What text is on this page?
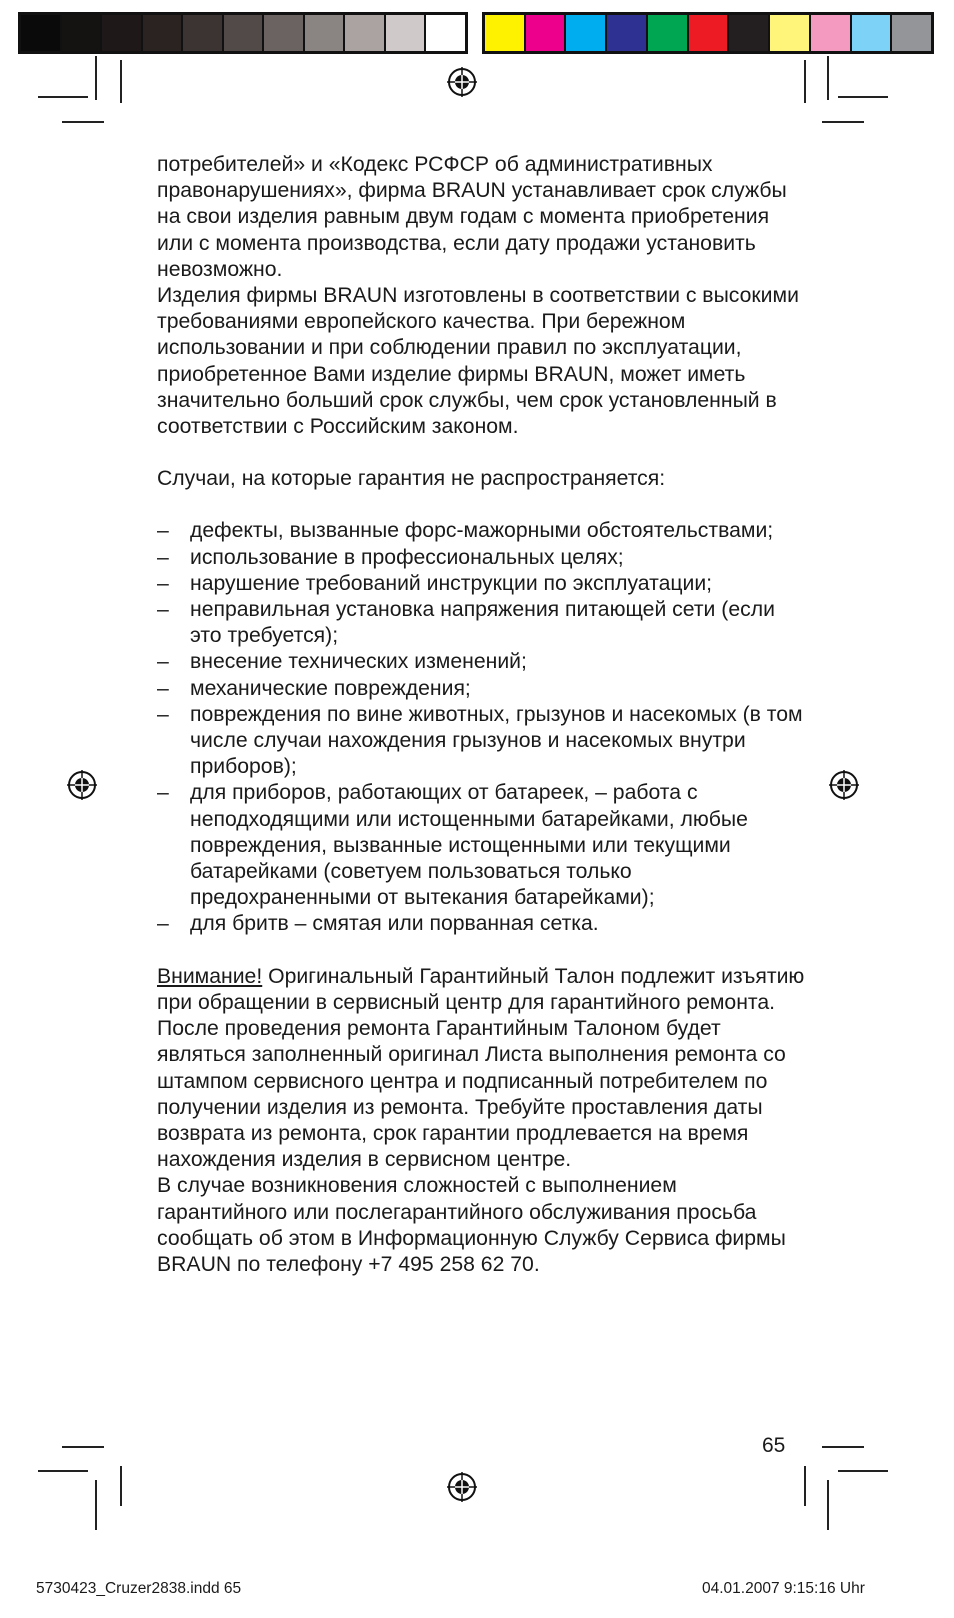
потребителей» и «Кодекс РСФСР об административных правонарушениях», фирма BRAUN устанавливает срок службы на свои изделия равным двум годам с момента приобретения или с момента производства, если дату продажи установить невозможно.

Изделия фирмы BRAUN изготовлены в соответствии с высокими требованиями европейского качества. При бережном использовании и при соблюдении правил по эксплуатации, приобретенное Вами изделие фирмы BRAUN, может иметь значительно больший срок службы, чем срок установленный в соответствии с Российским законом.

Случаи, на которые гарантия не распространяется:

– дефекты, вызванные форс-мажорными обстоятельствами;
– использование в профессиональных целях;
– нарушение требований инструкции по эксплуатации;
– неправильная установка напряжения питающей сети (если это требуется);
– внесение технических изменений;
– механические повреждения;
– повреждения по вине животных, грызунов и насекомых (в том числе случаи нахождения грызунов и насекомых внутри приборов);
– для приборов, работающих от батареек, – работа с неподходящими или истощенными батарейками, любые повреждения, вызванные истощенными или текущими батарейками (советуем пользоваться только предохраненными от вытекания батарейками);
– для бритв – смятая или порванная сетка.

Внимание! Оригинальный Гарантийный Талон подлежит изъятию при обращении в сервисный центр для гарантийного ремонта. После проведения ремонта Гарантийным Талоном будет являться заполненный оригинал Листа выполнения ремонта со штампом сервисного центра и подписанный потребителем по получении изделия из ремонта. Требуйте проставления даты возврата из ремонта, срок гарантии продлевается на время нахождения изделия в сервисном центре.

В случае возникновения сложностей с выполнением гарантийного или послегарантийного обслуживания просьба сообщать об этом в Информационную Службу Сервиса фирмы BRAUN по телефону +7 495 258 62 70.

65
5730423_Cruzer2838.indd 65	04.01.2007 9:15:16 Uhr
